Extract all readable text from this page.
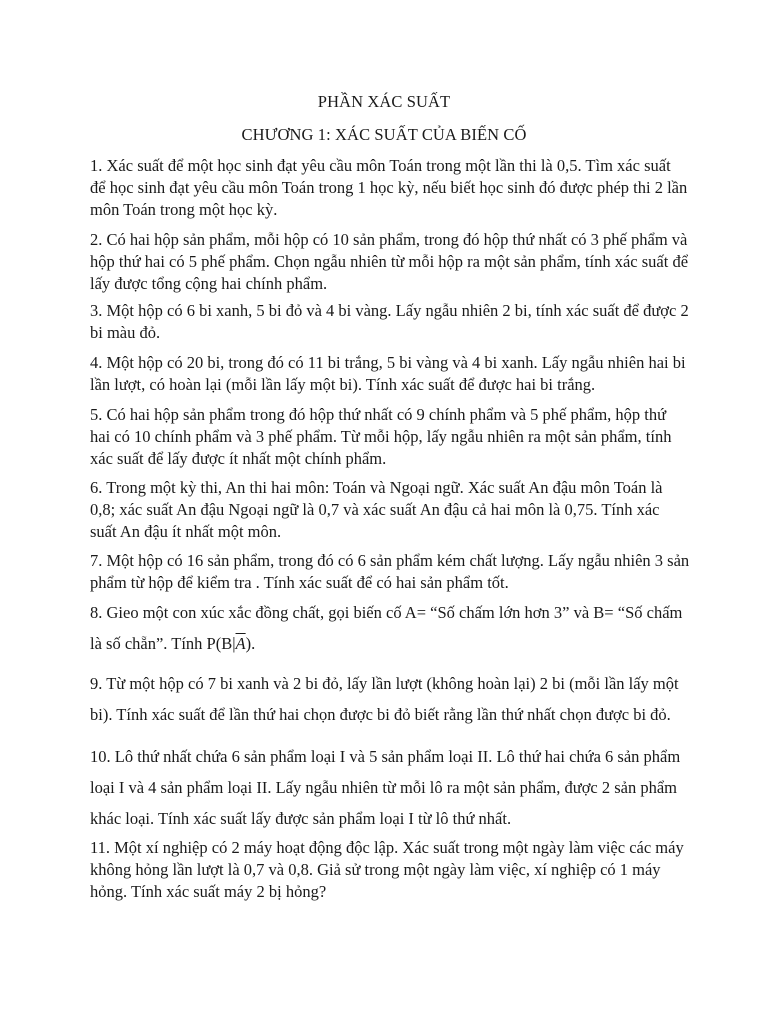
PHẦN XÁC SUẤT
CHƯƠNG 1: XÁC SUẤT CỦA BIẾN CỐ

1. Xác suất để một học sinh đạt yêu cầu môn Toán trong một lần thi là 0,5. Tìm xác suất để học sinh đạt yêu cầu môn Toán trong 1 học kỳ, nếu biết học sinh đó được phép thi 2 lần môn Toán trong một học kỳ.

2. Có hai hộp sản phẩm, mỗi hộp có 10 sản phẩm, trong đó hộp thứ nhất có 3 phế phẩm và hộp thứ hai có 5 phế phẩm. Chọn ngẫu nhiên từ mỗi hộp ra một sản phẩm, tính xác suất để lấy được tổng cộng hai chính phẩm.

3. Một hộp có 6 bi xanh, 5 bi đỏ và 4 bi vàng. Lấy ngẫu nhiên 2 bi, tính xác suất để được 2 bi màu đỏ.

4. Một hộp có 20 bi, trong đó có 11 bi trắng, 5 bi vàng và 4 bi xanh. Lấy ngẫu nhiên hai bi lần lượt, có hoàn lại (mỗi lần lấy một bi). Tính xác suất để được hai bi trắng.

5. Có hai hộp sản phẩm trong đó hộp thứ nhất có 9 chính phẩm và 5 phế phẩm, hộp thứ hai có 10 chính phẩm và 3 phế phẩm. Từ mỗi hộp, lấy ngẫu nhiên ra một sản phẩm, tính xác suất để lấy được ít nhất một chính phẩm.

6. Trong một kỳ thi, An thi hai môn: Toán và Ngoại ngữ. Xác suất An đậu môn Toán là 0,8; xác suất An đậu Ngoại ngữ là 0,7 và xác suất An đậu cả hai môn là 0,75. Tính xác suất An đậu ít nhất một môn.

7. Một hộp có 16 sản phẩm, trong đó có 6 sản phẩm kém chất lượng. Lấy ngẫu nhiên 3 sản phẩm từ hộp để kiểm tra . Tính xác suất để có hai sản phẩm tốt.

8. Gieo một con xúc xắc đồng chất, gọi biến cố A= “Số chấm lớn hơn 3” và B= “Số chấm là số chẵn”. Tính $P(B|\overline{A})$.

9. Từ một hộp có 7 bi xanh và 2 bi đỏ, lấy lần lượt (không hoàn lại) 2 bi (mỗi lần lấy một bi). Tính xác suất để lần thứ hai chọn được bi đỏ biết rằng lần thứ nhất chọn được bi đỏ.

10. Lô thứ nhất chứa 6 sản phẩm loại I và 5 sản phẩm loại II. Lô thứ hai chứa 6 sản phẩm loại I và 4 sản phẩm loại II. Lấy ngẫu nhiên từ mỗi lô ra một sản phẩm, được 2 sản phẩm khác loại. Tính xác suất lấy được sản phẩm loại I từ lô thứ nhất.

11. Một xí nghiệp có 2 máy hoạt động độc lập. Xác suất trong một ngày làm việc các máy không hỏng lần lượt là 0,7 và 0,8. Giả sử trong một ngày làm việc, xí nghiệp có 1 máy hỏng. Tính xác suất máy 2 bị hỏng?
